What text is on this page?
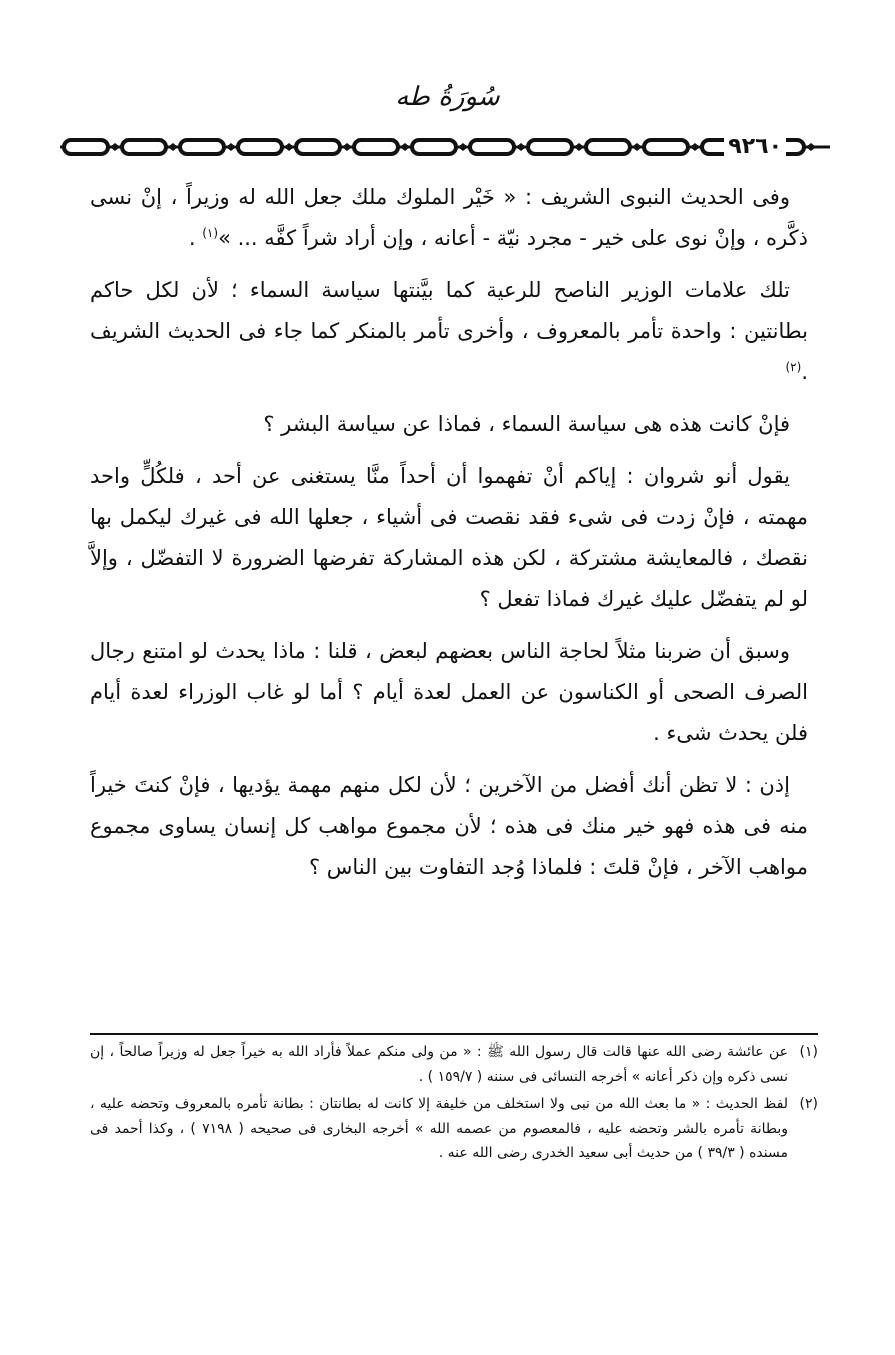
سُورَةُ طه
٩٢٦٠

وفى الحديث النبوى الشريف : « خَيْر الملوك ملك جعل الله له وزيراً ، إنْ نسى ذكَّره ، وإنْ نوى على خير - مجرد نيّة - أعانه ، وإن أراد شراً كفَّه ... »$^{(١)}$ .

تلك علامات الوزير الناصح للرعية كما بيَّنتها سياسة السماء ؛ لأن لكل حاكم بطانتين : واحدة تأمر بالمعروف ، وأخرى تأمر بالمنكر كما جاء فى الحديث الشريف .$^{(٢)}$

فإنْ كانت هذه هى سياسة السماء ، فماذا عن سياسة البشر ؟

يقول أنو شروان : إياكم أنْ تفهموا أن أحداً منَّا يستغنى عن أحد ، فلكُلٍّ واحد مهمته ، فإنْ زدت فى شىء فقد نقصت فى أشياء ، جعلها الله فى غيرك ليكمل بها نقصك ، فالمعايشة مشتركة ، لكن هذه المشاركة تفرضها الضرورة لا التفضّل ، وإلاَّ لو لم يتفضّل عليك غيرك فماذا تفعل ؟

وسبق أن ضربنا مثلاً لحاجة الناس بعضهم لبعض ، قلنا : ماذا يحدث لو امتنع رجال الصرف الصحى أو الكناسون عن العمل لعدة أيام ؟ أما لو غاب الوزراء لعدة أيام فلن يحدث شىء .

إذن : لا تظن أنك أفضل من الآخرين ؛ لأن لكل منهم مهمة يؤديها ، فإنْ كنتَ خيراً منه فى هذه فهو خير منك فى هذه ؛ لأن مجموع مواهب كل إنسان يساوى مجموع مواهب الآخر ، فإنْ قلتَ : فلماذا وُجد التفاوت بين الناس ؟

(١)
عن عائشة رضى الله عنها قالت قال رسول الله ﷺ : « من ولى منكم عملاً فأراد الله به خيراً جعل له وزيراً صالحاً ، إن نسى ذكره وإن ذكر أعانه » أخرجه النسائى فى سننه ( ١٥٩/٧ ) .
(٢)
لفظ الحديث : « ما بعث الله من نبى ولا استخلف من خليفة إلا كانت له بطانتان : بطانة تأمره بالمعروف وتحضه عليه ، وبطانة تأمره بالشر وتحضه عليه ، فالمعصوم من عصمه الله » أخرجه البخارى فى صحيحه ( ٧١٩٨ ) ، وكذا أحمد فى مسنده ( ٣٩/٣ ) من حديث أبى سعيد الخدرى رضى الله عنه .
